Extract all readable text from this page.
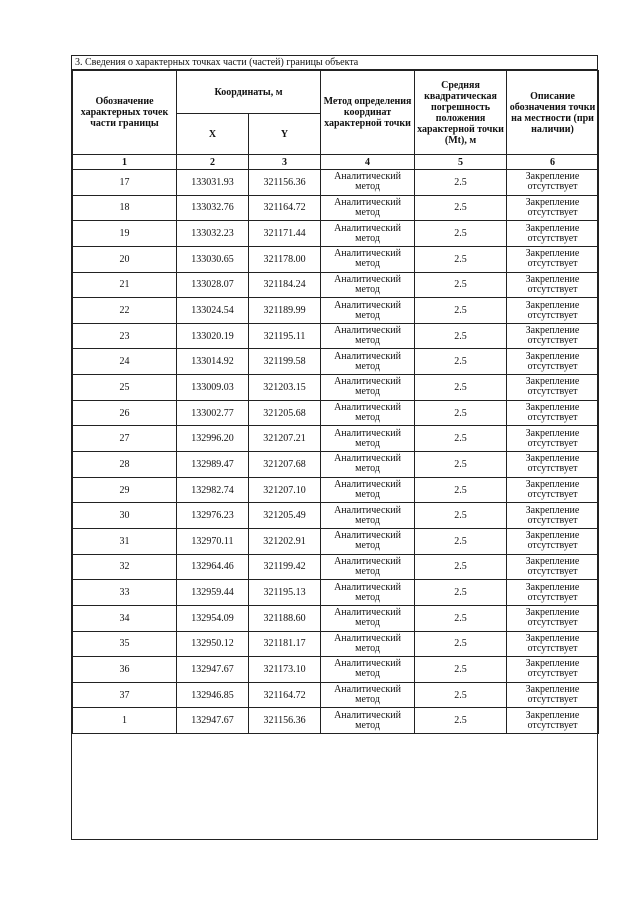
3. Сведения о характерных точках части (частей) границы объекта
Обозначение характерных точек части границы	Координаты, м		Метод определения координат характерной точки	Средняя квадратическая погрешность положения характерной точки (Mt), м	Описание обозначения точки на местности (при наличии)
	X	Y			
1	2	3	4	5	6
17	133031.93	321156.36	Аналитический метод	2.5	Закрепление отсутствует
18	133032.76	321164.72	Аналитический метод	2.5	Закрепление отсутствует
19	133032.23	321171.44	Аналитический метод	2.5	Закрепление отсутствует
20	133030.65	321178.00	Аналитический метод	2.5	Закрепление отсутствует
21	133028.07	321184.24	Аналитический метод	2.5	Закрепление отсутствует
22	133024.54	321189.99	Аналитический метод	2.5	Закрепление отсутствует
23	133020.19	321195.11	Аналитический метод	2.5	Закрепление отсутствует
24	133014.92	321199.58	Аналитический метод	2.5	Закрепление отсутствует
25	133009.03	321203.15	Аналитический метод	2.5	Закрепление отсутствует
26	133002.77	321205.68	Аналитический метод	2.5	Закрепление отсутствует
27	132996.20	321207.21	Аналитический метод	2.5	Закрепление отсутствует
28	132989.47	321207.68	Аналитический метод	2.5	Закрепление отсутствует
29	132982.74	321207.10	Аналитический метод	2.5	Закрепление отсутствует
30	132976.23	321205.49	Аналитический метод	2.5	Закрепление отсутствует
31	132970.11	321202.91	Аналитический метод	2.5	Закрепление отсутствует
32	132964.46	321199.42	Аналитический метод	2.5	Закрепление отсутствует
33	132959.44	321195.13	Аналитический метод	2.5	Закрепление отсутствует
34	132954.09	321188.60	Аналитический метод	2.5	Закрепление отсутствует
35	132950.12	321181.17	Аналитический метод	2.5	Закрепление отсутствует
36	132947.67	321173.10	Аналитический метод	2.5	Закрепление отсутствует
37	132946.85	321164.72	Аналитический метод	2.5	Закрепление отсутствует
1	132947.67	321156.36	Аналитический метод	2.5	Закрепление отсутствует
